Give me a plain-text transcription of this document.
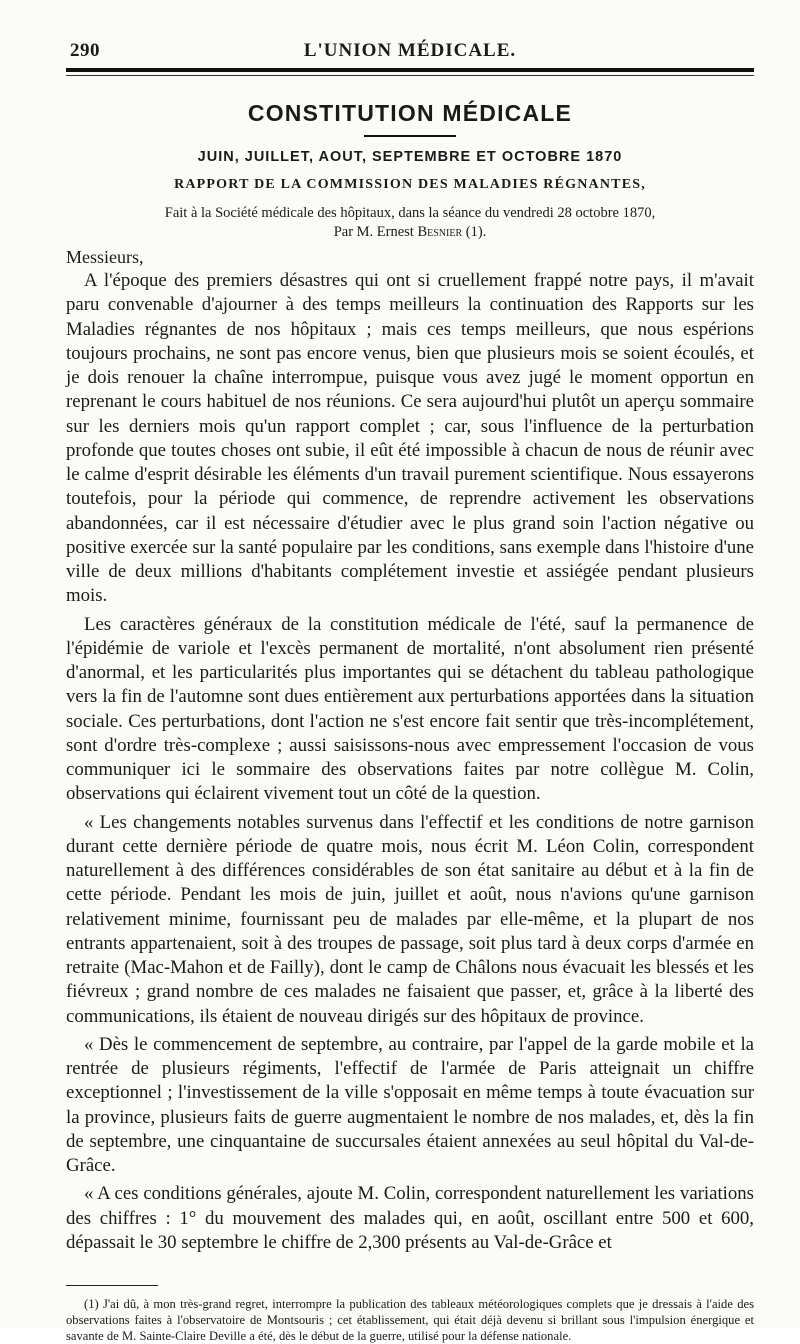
290	L'UNION MÉDICALE.
CONSTITUTION MÉDICALE
JUIN, JUILLET, AOUT, SEPTEMBRE ET OCTOBRE 1870
RAPPORT DE LA COMMISSION DES MALADIES RÉGNANTES,
Fait à la Société médicale des hôpitaux, dans la séance du vendredi 28 octobre 1870,
Par M. Ernest Besnier (1).
Messieurs,

A l'époque des premiers désastres qui ont si cruellement frappé notre pays, il m'avait paru convenable d'ajourner à des temps meilleurs la continuation des Rapports sur les Maladies régnantes de nos hôpitaux ; mais ces temps meilleurs, que nous espérions toujours prochains, ne sont pas encore venus, bien que plusieurs mois se soient écoulés, et je dois renouer la chaîne interrompue, puisque vous avez jugé le moment opportun en reprenant le cours habituel de nos réunions. Ce sera aujourd'hui plutôt un aperçu sommaire sur les derniers mois qu'un rapport complet ; car, sous l'influence de la perturbation profonde que toutes choses ont subie, il eût été impossible à chacun de nous de réunir avec le calme d'esprit désirable les éléments d'un travail purement scientifique. Nous essayerons toutefois, pour la période qui commence, de reprendre activement les observations abandonnées, car il est nécessaire d'étudier avec le plus grand soin l'action négative ou positive exercée sur la santé populaire par les conditions, sans exemple dans l'histoire d'une ville de deux millions d'habitants complétement investie et assiégée pendant plusieurs mois.

Les caractères généraux de la constitution médicale de l'été, sauf la permanence de l'épidémie de variole et l'excès permanent de mortalité, n'ont absolument rien présenté d'anormal, et les particularités plus importantes qui se détachent du tableau pathologique vers la fin de l'automne sont dues entièrement aux perturbations apportées dans la situation sociale. Ces perturbations, dont l'action ne s'est encore fait sentir que très-incomplétement, sont d'ordre très-complexe ; aussi saisissons-nous avec empressement l'occasion de vous communiquer ici le sommaire des observations faites par notre collègue M. Colin, observations qui éclairent vivement tout un côté de la question.

« Les changements notables survenus dans l'effectif et les conditions de notre garnison durant cette dernière période de quatre mois, nous écrit M. Léon Colin, correspondent naturellement à des différences considérables de son état sanitaire au début et à la fin de cette période. Pendant les mois de juin, juillet et août, nous n'avions qu'une garnison relativement minime, fournissant peu de malades par elle-même, et la plupart de nos entrants appartenaient, soit à des troupes de passage, soit plus tard à deux corps d'armée en retraite (Mac-Mahon et de Failly), dont le camp de Châlons nous évacuait les blessés et les fiévreux ; grand nombre de ces malades ne faisaient que passer, et, grâce à la liberté des communications, ils étaient de nouveau dirigés sur des hôpitaux de province.

« Dès le commencement de septembre, au contraire, par l'appel de la garde mobile et la rentrée de plusieurs régiments, l'effectif de l'armée de Paris atteignait un chiffre exceptionnel ; l'investissement de la ville s'opposait en même temps à toute évacuation sur la province, plusieurs faits de guerre augmentaient le nombre de nos malades, et, dès la fin de septembre, une cinquantaine de succursales étaient annexées au seul hôpital du Val-de-Grâce.

« A ces conditions générales, ajoute M. Colin, correspondent naturellement les variations des chiffres : 1° du mouvement des malades qui, en août, oscillant entre 500 et 600, dépassait le 30 septembre le chiffre de 2,300 présents au Val-de-Grâce et

(1) J'ai dû, à mon très-grand regret, interrompre la publication des tableaux météorologiques complets que je dressais à l'aide des observations faites à l'observatoire de Montsouris ; cet établissement, qui était déjà devenu si brillant sous l'impulsion énergique et savante de M. Sainte-Claire Deville a été, dès le début de la guerre, utilisé pour la défense nationale.
